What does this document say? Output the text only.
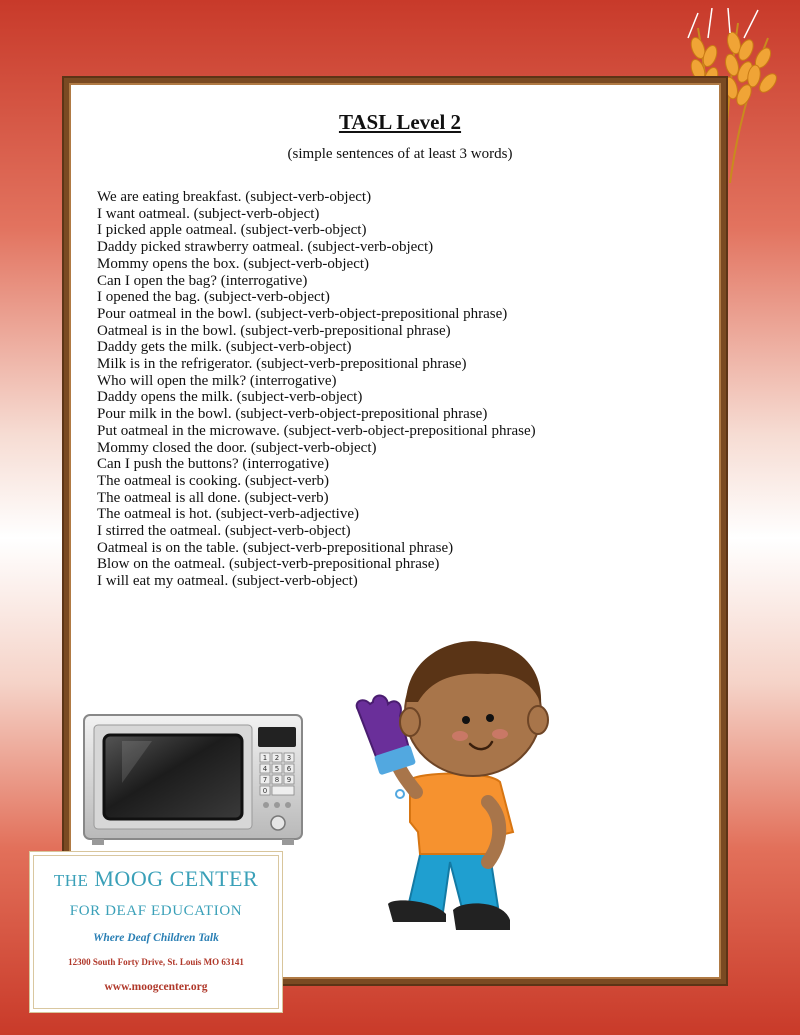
TASL Level 2
(simple sentences of at least 3 words)
We are eating breakfast. (subject-verb-object)
I want oatmeal. (subject-verb-object)
I picked apple oatmeal. (subject-verb-object)
Daddy picked strawberry oatmeal. (subject-verb-object)
Mommy opens the box. (subject-verb-object)
Can I open the bag? (interrogative)
I opened the bag. (subject-verb-object)
Pour oatmeal in the bowl. (subject-verb-object-prepositional phrase)
Oatmeal is in the bowl. (subject-verb-prepositional phrase)
Daddy gets the milk. (subject-verb-object)
Milk is in the refrigerator. (subject-verb-prepositional phrase)
Who will open the milk? (interrogative)
Daddy opens the milk. (subject-verb-object)
Pour milk in the bowl. (subject-verb-object-prepositional phrase)
Put oatmeal in the microwave. (subject-verb-object-prepositional phrase)
Mommy closed the door. (subject-verb-object)
Can I push the buttons? (interrogative)
The oatmeal is cooking. (subject-verb)
The oatmeal is all done. (subject-verb)
The oatmeal is hot. (subject-verb-adjective)
I stirred the oatmeal. (subject-verb-object)
Oatmeal is on the table. (subject-verb-prepositional phrase)
Blow on the oatmeal. (subject-verb-prepositional phrase)
I will eat my oatmeal. (subject-verb-object)
1 2 3
4 5 6
7 8 9
0
THE MOOG CENTER
FOR DEAF EDUCATION
Where Deaf Children Talk
12300 South Forty Drive, St. Louis MO 63141
www.moogcenter.org
